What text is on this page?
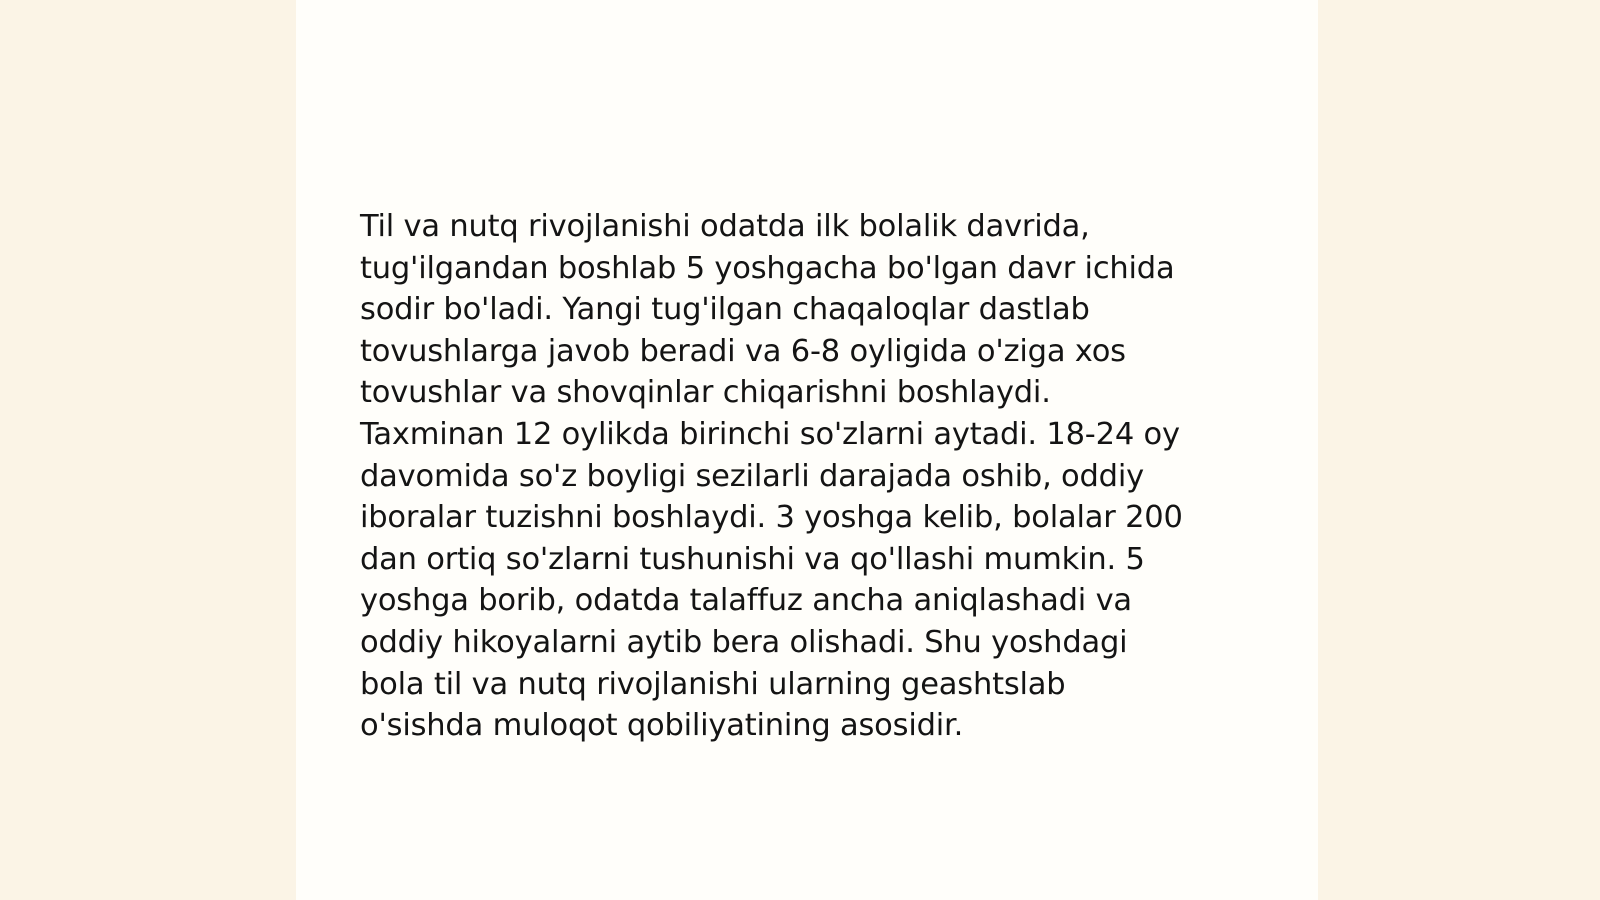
Til va nutq rivojlanishi odatda ilk bolalik davrida,
tug'ilgandan boshlab 5 yoshgacha bo'lgan davr ichida
sodir bo'ladi. Yangi tug'ilgan chaqaloqlar dastlab
tovushlarga javob beradi va 6-8 oyligida o'ziga xos
tovushlar va shovqinlar chiqarishni boshlaydi.
Taxminan 12 oylikda birinchi so'zlarni aytadi. 18-24 oy
davomida so'z boyligi sezilarli darajada oshib, oddiy
iboralar tuzishni boshlaydi. 3 yoshga kelib, bolalar 200
dan ortiq so'zlarni tushunishi va qo'llashi mumkin. 5
yoshga borib, odatda talaffuz ancha aniqlashadi va
oddiy hikoyalarni aytib bera olishadi. Shu yoshdagi
bola til va nutq rivojlanishi ularning geashtslab
o'sishda muloqot qobiliyatining asosidir.
